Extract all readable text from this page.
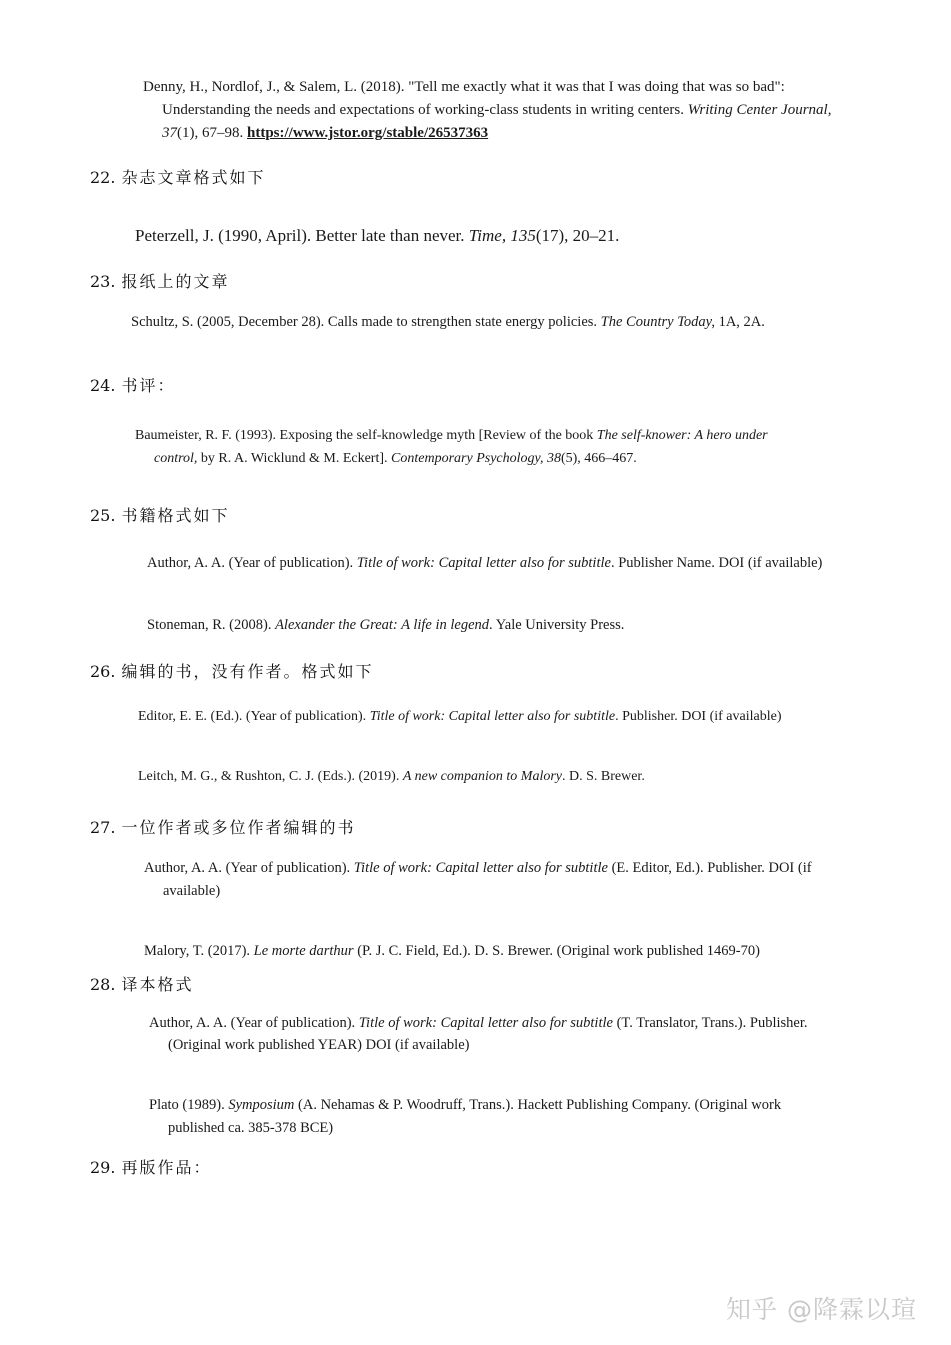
Denny, H., Nordlof, J., & Salem, L. (2018). "Tell me exactly what it was that I was doing that was so bad":
Understanding the needs and expectations of working-class students in writing centers. Writing Center Journal,
37(1), 67–98. https://www.jstor.org/stable/26537363
22. 杂志文章格式如下
Peterzell, J. (1990, April). Better late than never. Time, 135(17), 20–21.
23. 报纸上的文章
Schultz, S. (2005, December 28). Calls made to strengthen state energy policies. The Country Today, 1A, 2A.
24. 书评：
Baumeister, R. F. (1993). Exposing the self-knowledge myth [Review of the book The self-knower: A hero under
control, by R. A. Wicklund & M. Eckert]. Contemporary Psychology, 38(5), 466–467.
25. 书籍格式如下
Author, A. A. (Year of publication). Title of work: Capital letter also for subtitle. Publisher Name. DOI (if available)
Stoneman, R. (2008). Alexander the Great: A life in legend. Yale University Press.
26. 编辑的书，没有作者。格式如下
Editor, E. E. (Ed.). (Year of publication). Title of work: Capital letter also for subtitle. Publisher. DOI (if available)
Leitch, M. G., & Rushton, C. J. (Eds.). (2019). A new companion to Malory. D. S. Brewer.
27. 一位作者或多位作者编辑的书
Author, A. A. (Year of publication). Title of work: Capital letter also for subtitle (E. Editor, Ed.). Publisher. DOI (if
available)
Malory, T. (2017). Le morte darthur (P. J. C. Field, Ed.). D. S. Brewer. (Original work published 1469-70)
28. 译本格式
Author, A. A. (Year of publication). Title of work: Capital letter also for subtitle (T. Translator, Trans.). Publisher.
(Original work published YEAR) DOI (if available)
Plato (1989). Symposium (A. Nehamas & P. Woodruff, Trans.). Hackett Publishing Company. (Original work
published ca. 385-378 BCE)
29. 再版作品：
知乎 @降霖以瑄
